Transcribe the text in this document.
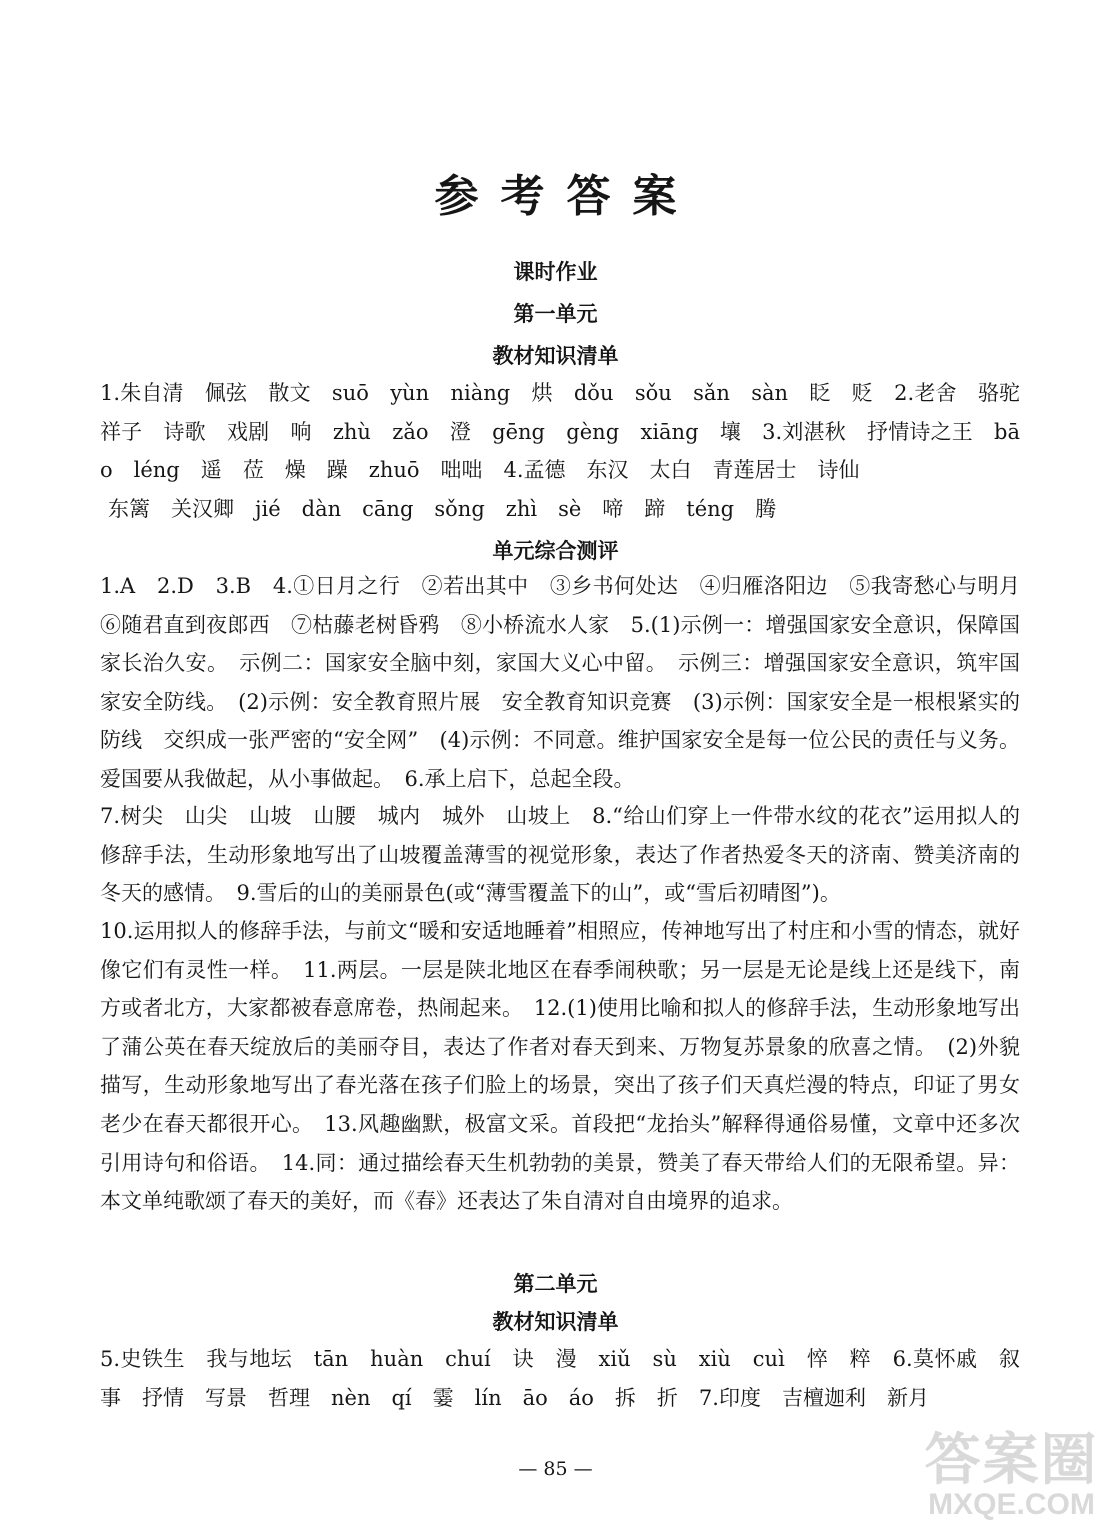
参考答案
课时作业
第一单元
教材知识清单
1.朱自清　佩弦　散文　suō　yùn　niàng　烘　dǒu　sǒu　sǎn　sàn　眨　贬　2.老舍　骆驼祥子　诗歌　戏剧　响　zhù　zǎo　澄　gēng　gèng　xiāng　壤　3.刘湛秋　抒情诗之王　bāo　léng　遥　莅　燥　躁　zhuō　咄咄　4.孟德　东汉　太白　青莲居士　诗仙
东篱　关汉卿　jié　dàn　cāng　sǒng　zhì　sè　啼　蹄　téng　腾
单元综合测评
1.A　2.D　3.B　4.①日月之行　②若出其中　③乡书何处达　④归雁洛阳边　⑤我寄愁心与明月　⑥随君直到夜郎西　⑦枯藤老树昏鸦　⑧小桥流水人家　5.(1)示例一：增强国家安全意识，保障国家长治久安。　示例二：国家安全脑中刻，家国大义心中留。　示例三：增强国家安全意识，筑牢国家安全防线。　(2)示例：安全教育照片展　安全教育知识竞赛　(3)示例：国家安全是一根根紧实的防线　交织成一张严密的“安全网”　(4)示例：不同意。维护国家安全是每一位公民的责任与义务。爱国要从我做起，从小事做起。　6.承上启下，总起全段。
7.树尖　山尖　山坡　山腰　城内　城外　山坡上　8.“给山们穿上一件带水纹的花衣”运用拟人的修辞手法，生动形象地写出了山坡覆盖薄雪的视觉形象，表达了作者热爱冬天的济南、赞美济南的冬天的感情。　9.雪后的山的美丽景色(或“薄雪覆盖下的山”，或“雪后初晴图”)。
10.运用拟人的修辞手法，与前文“暖和安适地睡着”相照应，传神地写出了村庄和小雪的情态，就好像它们有灵性一样。　11.两层。一层是陕北地区在春季闹秧歌；另一层是无论是线上还是线下，南方或者北方，大家都被春意席卷，热闹起来。　12.(1)使用比喻和拟人的修辞手法，生动形象地写出了蒲公英在春天绽放后的美丽夺目，表达了作者对春天到来、万物复苏景象的欣喜之情。　(2)外貌描写，生动形象地写出了春光落在孩子们脸上的场景，突出了孩子们天真烂漫的特点，印证了男女老少在春天都很开心。　13.风趣幽默，极富文采。首段把“龙抬头”解释得通俗易懂，文章中还多次引用诗句和俗语。　14.同：通过描绘春天生机勃勃的美景，赞美了春天带给人们的无限希望。异：本文单纯歌颂了春天的美好，而《春》还表达了朱自清对自由境界的追求。
第二单元
教材知识清单
5.史铁生　我与地坛　tān　huàn　chuí　诀　漫　xiǔ　sù　xiù　cuì　悴　粹　6.莫怀戚　叙事　抒情　写景　哲理　nèn　qí　霎　lín　āo　áo　拆　折　7.印度　吉檀迦利　新月
— 85 —	答案圈
MXQE.COM
